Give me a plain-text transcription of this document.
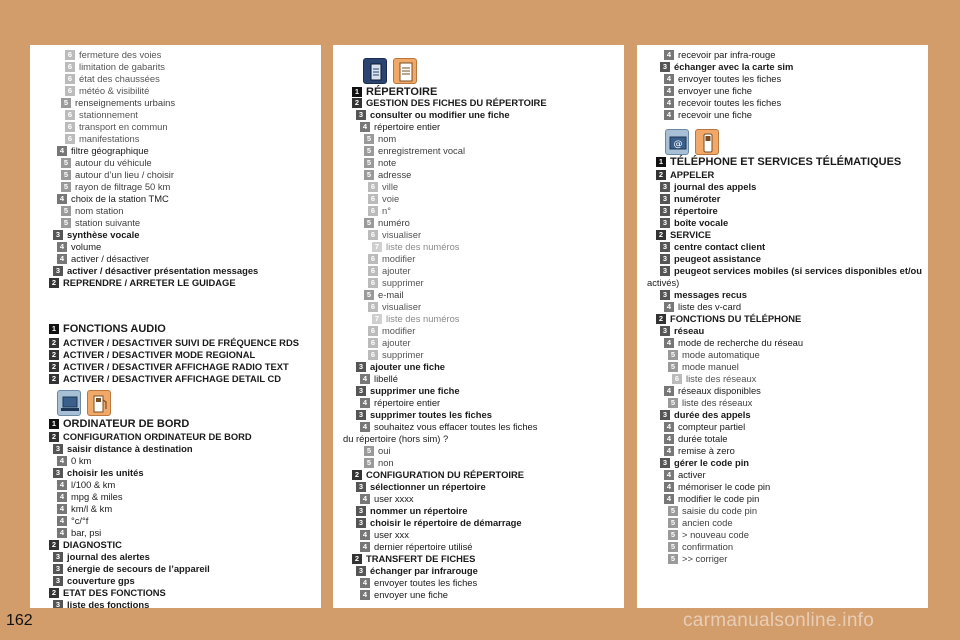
6 fermeture des voies
6 limitation de gabarits
6 état des chaussées
6 météo & visibilité
5 renseignements urbains
6 stationnement
6 transport en commun
6 manifestations
4 filtre géographique
5 autour du véhicule
5 autour d’un lieu / choisir
5 rayon de filtrage 50 km
4 choix de la station TMC
5 nom station
5 station suivante
3 synthèse vocale
4 volume
4 activer / désactiver
3 activer / désactiver présentation messages
2 REPRENDRE / ARRETER LE GUIDAGE
1 FONCTIONS AUDIO
2 ACTIVER / DESACTIVER SUIVI DE FRÉQUENCE RDS
2 ACTIVER / DESACTIVER MODE REGIONAL
2 ACTIVER / DESACTIVER AFFICHAGE RADIO TEXT
2 ACTIVER / DESACTIVER AFFICHAGE DETAIL CD
1 ORDINATEUR DE BORD
2 CONFIGURATION ORDINATEUR DE BORD
3 saisir distance à destination
4 0 km
3 choisir les unités
4 l/100 & km
4 mpg & miles
4 km/l & km
4 °c/°f
4 bar, psi
2 DIAGNOSTIC
3 journal des alertes
3 énergie de secours de l’appareil
3 couverture gps
2 ETAT DES FONCTIONS
3 liste des fonctions
1 RÉPERTOIRE
2 GESTION DES FICHES DU RÉPERTOIRE
3 consulter ou modifier une fiche
4 répertoire entier
5 nom
5 enregistrement vocal
5 note
5 adresse
6 ville
6 voie
6 n°
5 numéro
6 visualiser
7 liste des numéros
6 modifier
6 ajouter
6 supprimer
5 e-mail
6 visualiser
7 liste des numéros
6 modifier
6 ajouter
6 supprimer
3 ajouter une fiche
4 libellé
3 supprimer une fiche
4 répertoire entier
3 supprimer toutes les fiches
4 souhaitez vous effacer toutes les fiches
du répertoire (hors sim) ?
5 oui
5 non
2 CONFIGURATION DU RÉPERTOIRE
3 sélectionner un répertoire
4 user xxxx
3 nommer un répertoire
3 choisir le répertoire de démarrage
4 user xxx
4 dernier répertoire utilisé
2 TRANSFERT DE FICHES
3 échanger par infrarouge
4 envoyer toutes les fiches
4 envoyer une fiche
@
4 recevoir par infra-rouge
3 échanger avec la carte sim
4 envoyer toutes les fiches
4 envoyer une fiche
4 recevoir toutes les fiches
4 recevoir une fiche
1 TÉLÉPHONE ET SERVICES TÉLÉMATIQUES
2 APPELER
3 journal des appels
3 numéroter
3 répertoire
3 boîte vocale
2 SERVICE
3 centre contact client
3 peugeot assistance
3 peugeot services mobiles (si services disponibles et/ou
activés)
3 messages recus
4 liste des v-card
2 FONCTIONS DU TÉLÉPHONE
3 réseau
4 mode de recherche du réseau
5 mode automatique
5 mode manuel
6 liste des réseaux
4 réseaux disponibles
5 liste des réseaux
3 durée des appels
4 compteur partiel
4 durée totale
4 remise à zero
3 gérer le code pin
4 activer
4 mémoriser le code pin
4 modifier le code pin
5 saisie du code pin
5 ancien code
5 > nouveau code
5 confirmation
5 >> corriger
162	carmanualsonline.info
